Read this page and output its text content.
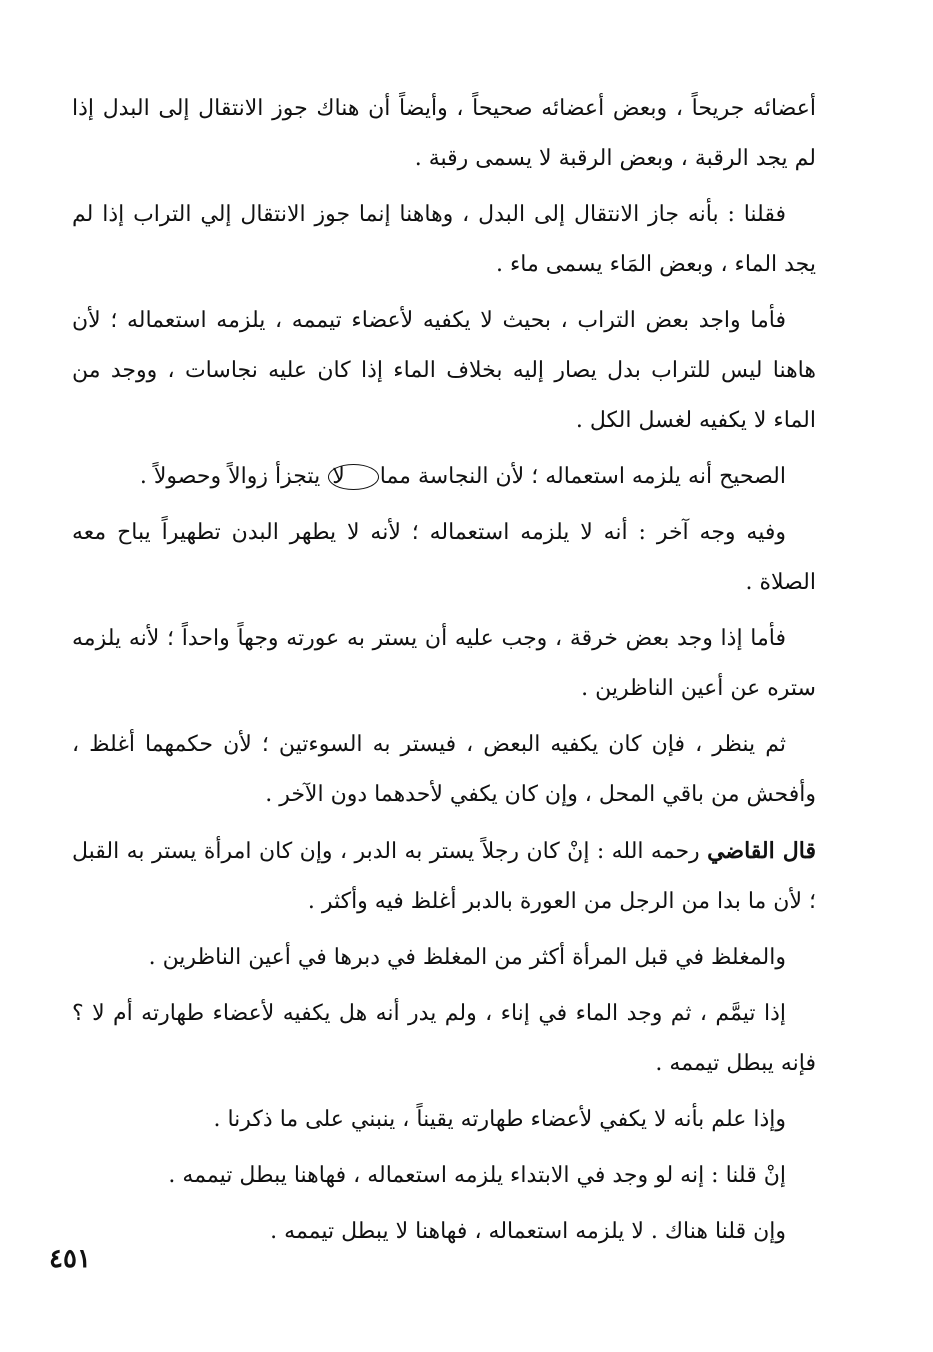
أعضائه جريحاً ، وبعض أعضائه صحيحاً ، وأيضاً أن هناك جوز الانتقال إلى البدل إذا لم يجد الرقبة ، وبعض الرقبة لا يسمى رقبة .

فقلنا : بأنه جاز الانتقال إلى البدل ، وهاهنا إنما جوز الانتقال إلي التراب إذا لم يجد الماء ، وبعض المَاء يسمى ماء .

فأما واجد بعض التراب ، بحيث لا يكفيه لأعضاء تيممه ، يلزمه استعماله ؛ لأن هاهنا ليس للتراب بدل يصار إليه بخلاف الماء إذا كان عليه نجاسات ، ووجد من الماء لا يكفيه لغسل الكل .

الصحيح أنه يلزمه استعماله ؛ لأن النجاسة ممالا يتجزأ زوالاً وحصولاً .

وفيه وجه آخر : أنه لا يلزمه استعماله ؛ لأنه لا يطهر البدن تطهيراً يباح معه الصلاة .

فأما إذا وجد بعض خرقة ، وجب عليه أن يستر به عورته وجهاً واحداً ؛ لأنه يلزمه ستره عن أعين الناظرين .

ثم ينظر ، فإن كان يكفيه البعض ، فيستر به السوءتين ؛ لأن حكمهما أغلظ ، وأفحش من باقي المحل ، وإن كان يكفي لأحدهما دون الآخر .

قال القاضي رحمه الله : إنْ كان رجلاً يستر به الدبر ، وإن كان امرأة يستر به القبل ؛ لأن ما بدا من الرجل من العورة بالدبر أغلظ فيه وأكثر .

والمغلظ في قبل المرأة أكثر من المغلظ في دبرها في أعين الناظرين .

إذا تيمَّم ، ثم وجد الماء في إناء ، ولم يدر أنه هل يكفيه لأعضاء طهارته أم لا ؟ فإنه يبطل تيممه .

وإذا علم بأنه لا يكفي لأعضاء طهارته يقيناً ، ينبني على ما ذكرنا .

إنْ قلنا : إنه لو وجد في الابتداء يلزمه استعماله ، فهاهنا يبطل تيممه .

وإن قلنا هناك . لا يلزمه استعماله ، فهاهنا لا يبطل تيممه .

٤٥١
